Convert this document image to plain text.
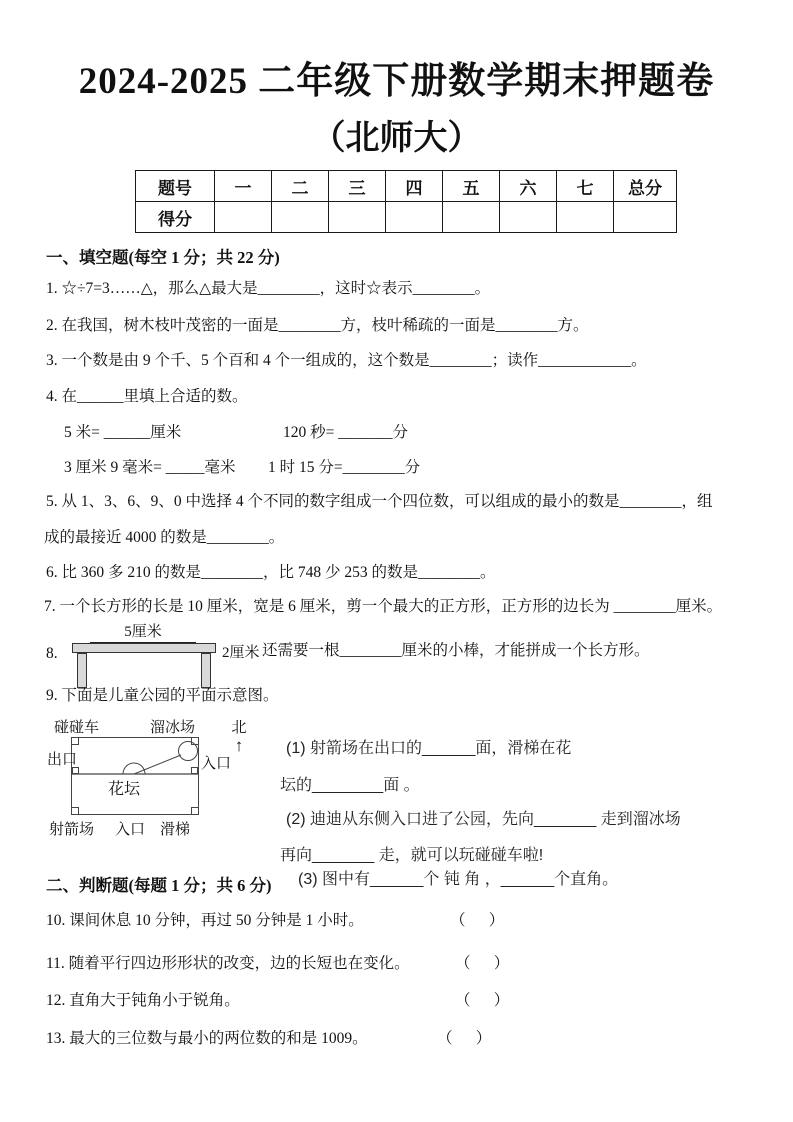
2024-2025 二年级下册数学期末押题卷
（北师大）
题号	一	二	三	四	五	六	七	总分
得分								
一、填空题(每空 1 分；共 22 分)
1. ☆÷7=3……△，那么△最大是________，这时☆表示________。
2. 在我国，树木枝叶茂密的一面是________方，枝叶稀疏的一面是________方。
3. 一个数是由 9 个千、5 个百和 4 个一组成的，这个数是________；读作____________。
4. 在______里填上合适的数。
5 米= ______厘米	120 秒= _______分
3 厘米 9 毫米= _____毫米 1 时 15 分=________分
5. 从 1、3、6、9、0 中选择 4 个不同的数字组成一个四位数，可以组成的最小的数是________，组
成的最接近 4000 的数是________。
6. 比 360 多 210 的数是________，比 748 少 253 的数是________。
7. 一个长方形的长是 10 厘米，宽是 6 厘米，剪一个最大的正方形，正方形的边长为 ________厘米。
8.
5厘米
2厘米 还需要一根________厘米的小棒，才能拼成一个长方形。
9. 下面是儿童公园的平面示意图。
碰碰车	溜冰场
花坛
出口	入口
射箭场 入口 滑梯
北
↑	(1) 射箭场在出口的______面，滑梯在花
坛的________面 。
(2) 迪迪从东侧入口进了公园，先向_______ 走到溜冰场
再向_______ 走，就可以玩碰碰车啦!
(3) 图中有______个 钝 角 ，______个直角。
二、判断题(每题 1 分；共 6 分)
10. 课间休息 10 分钟，再过 50 分钟是 1 小时。	（      ）
11. 随着平行四边形形状的改变，边的长短也在变化。	（      ）
12. 直角大于钝角小于锐角。	（      ）
13. 最大的三位数与最小的两位数的和是 1009。	（      ）
